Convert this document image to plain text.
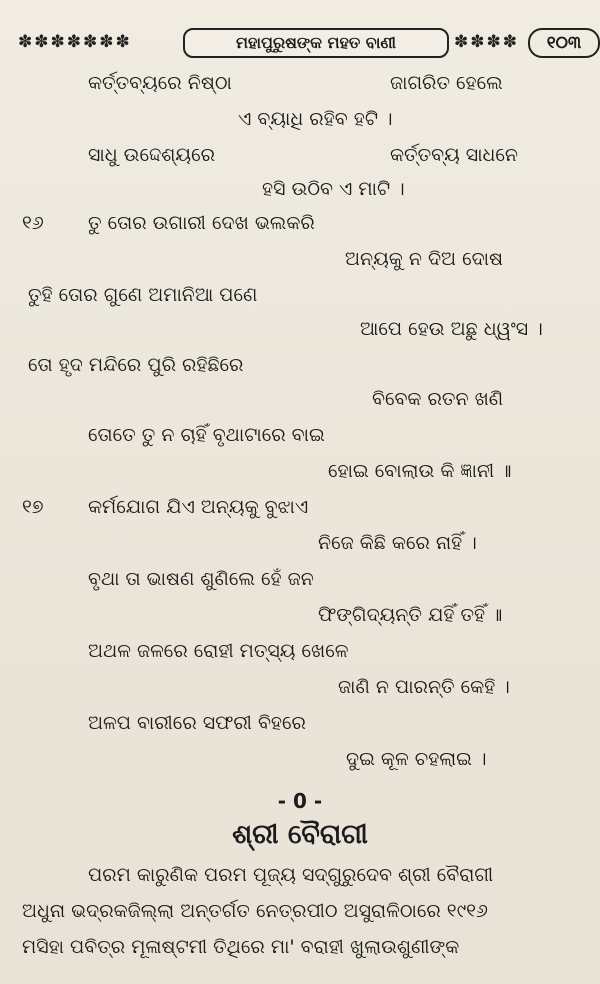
✽✽✽✽✽✽✽	ମହାପୁରୁଷଙ୍କ ମହତ ବାଣୀ	✽✽✽✽	୧୦୩
କର୍ତ୍ତବ୍ୟରେ ନିଷ୍ଠା	ଜାଗରିତ ହେଲେ
ଏ ବ୍ୟାଧି ରହିବ ହଟି ।
ସାଧୁ ଉଦ୍ଦେଶ୍ୟରେ	କର୍ତ୍ତବ୍ୟ ସାଧନେ
ହସି ଉଠିବ ଏ ମାଟି ।
୧୬ ତୁ ତୋର ଉଗାରୀ ଦେଖ ଭଲକରି
ଅନ୍ୟକୁ ନ ଦିଅ ଦୋଷ
ତୁହି ତୋର ଗୁଣେ ଅମାନିଆ ପଣେ
ଆପେ ହେଉ ଅଛୁ ଧ୍ୱଂସ ।
ତୋ ହୃଦ ମନ୍ଦିରେ ପୁରି ରହିଛିରେ
ବିବେକ ରତନ ଖଣି
ତୋତେ ତୁ ନ ଚାହିଁ ବୃଥାଟାରେ ବାଇ
ହୋଇ ବୋଲାଉ କି ଜ୍ଞାନୀ ॥
୧୭ କର୍ମଯୋଗ ଯିଏ ଅନ୍ୟକୁ ବୁଝାଏ
ନିଜେ କିଛି କରେ ନାହିଁ ।
ବୃଥା ତା ଭାଷଣ ଶୁଣିଲେ ହେଁ ଜନ
ଫିଙ୍ଗିଦ୍ୟନ୍ତି ଯହିଁ ତହିଁ ॥
ଅଥଳ ଜଳରେ ରୋହୀ ମତ୍ସ୍ୟ ଖେଳେ
ଜାଣି ନ ପାରନ୍ତି କେହି ।
ଅଳପ ବାରୀରେ ସଫରୀ ବିହରେ
ଦୁଇ କୂଳ ଚହଲାଇ ।
- 0 -
ଶ୍ରୀ ବୈରାଗୀ
ପରମ କାରୁଣିକ ପରମ ପୂଜ୍ୟ ସଦ୍‌ଗୁରୁଦେବ ଶ୍ରୀ ବୈରାଗୀ
ଅଧୁନା ଭଦ୍ରକଜିଲ୍ଲା ଅନ୍ତର୍ଗତ ନେତ୍ରପୀଠ ଅସୁରାଳିଠାରେ ୧୯୧୬
ମସିହା ପବିତ୍ର ମୂଳାଷ୍ଟମୀ ତିଥିରେ ମା' ବରାହୀ ଖୁଲାଉଶୁଣୀଙ୍କ
